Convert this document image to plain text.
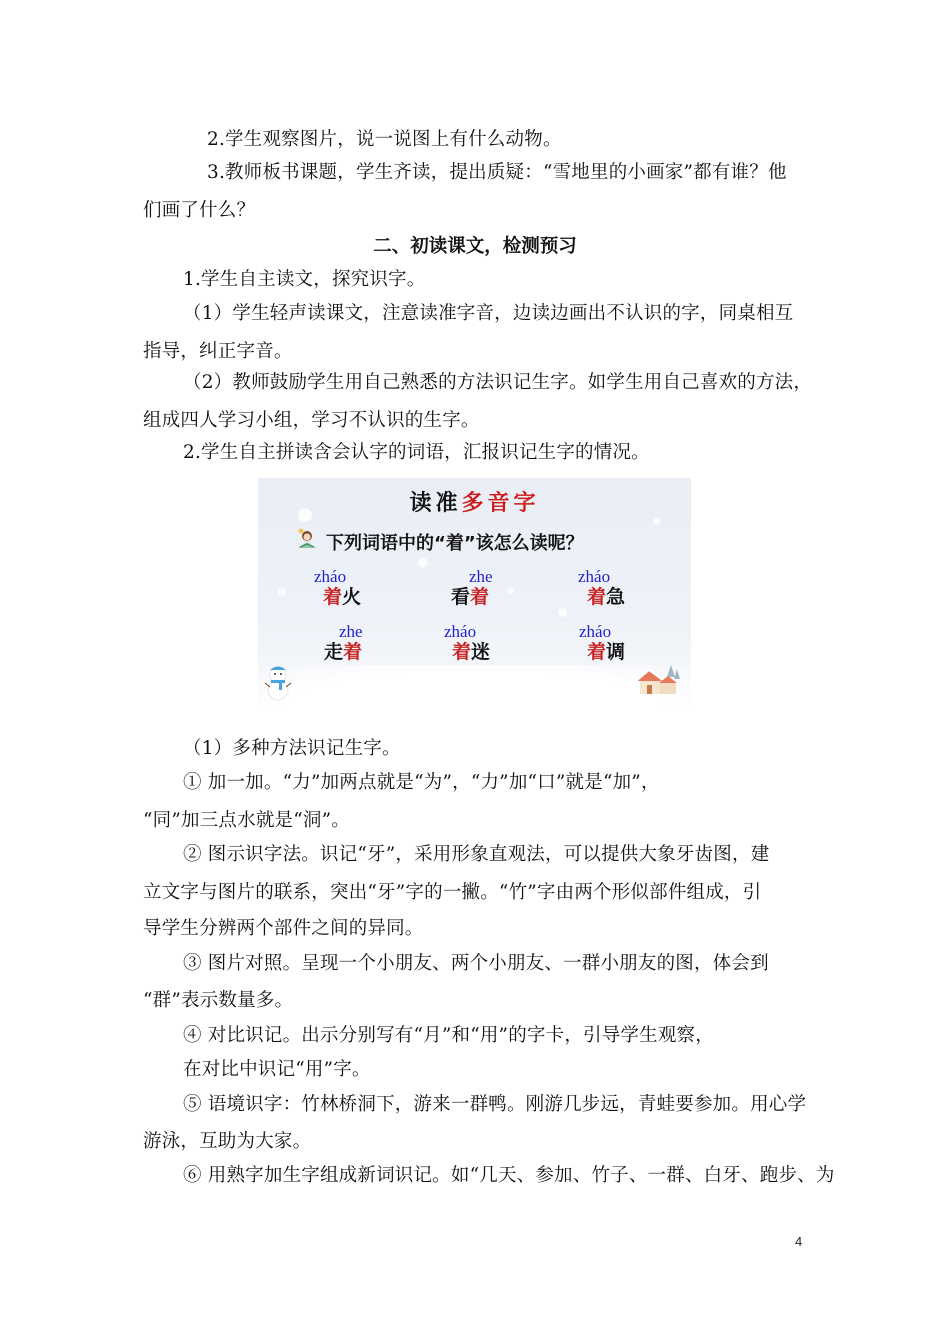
2.学生观察图片，说一说图上有什么动物。
3.教师板书课题，学生齐读，提出质疑：“雪地里的小画家”都有谁？他
们画了什么？
二、初读课文，检测预习
1.学生自主读文，探究识字。
（1）学生轻声读课文，注意读准字音，边读边画出不认识的字，同桌相互
指导，纠正字音。
（2）教师鼓励学生用自己熟悉的方法识记生字。如学生用自己喜欢的方法，
组成四人学习小组，学习不认识的生字。
2.学生自主拼读含会认字的词语，汇报识记生字的情况。
读准多音字
下列词语中的“着”该怎么读呢？
zháo
着火
zhe
看着
zháo
着急
zhe
走着
zháo
着迷
zháo
着调
（1）多种方法识记生字。
① 加一加。“力”加两点就是“为”，“力”加“口”就是“加”，
“同”加三点水就是“洞”。
② 图示识字法。识记“牙”，采用形象直观法，可以提供大象牙齿图，建
立文字与图片的联系，突出“牙”字的一撇。“竹”字由两个形似部件组成，引
导学生分辨两个部件之间的异同。
③ 图片对照。呈现一个小朋友、两个小朋友、一群小朋友的图，体会到
“群”表示数量多。
④ 对比识记。出示分别写有“月”和“用”的字卡，引导学生观察，
在对比中识记“用”字。
⑤ 语境识字：竹林桥洞下，游来一群鸭。刚游几步远，青蛙要参加。用心学
游泳，互助为大家。
⑥ 用熟字加生字组成新词识记。如“几天、参加、竹子、一群、白牙、跑步、为
4
